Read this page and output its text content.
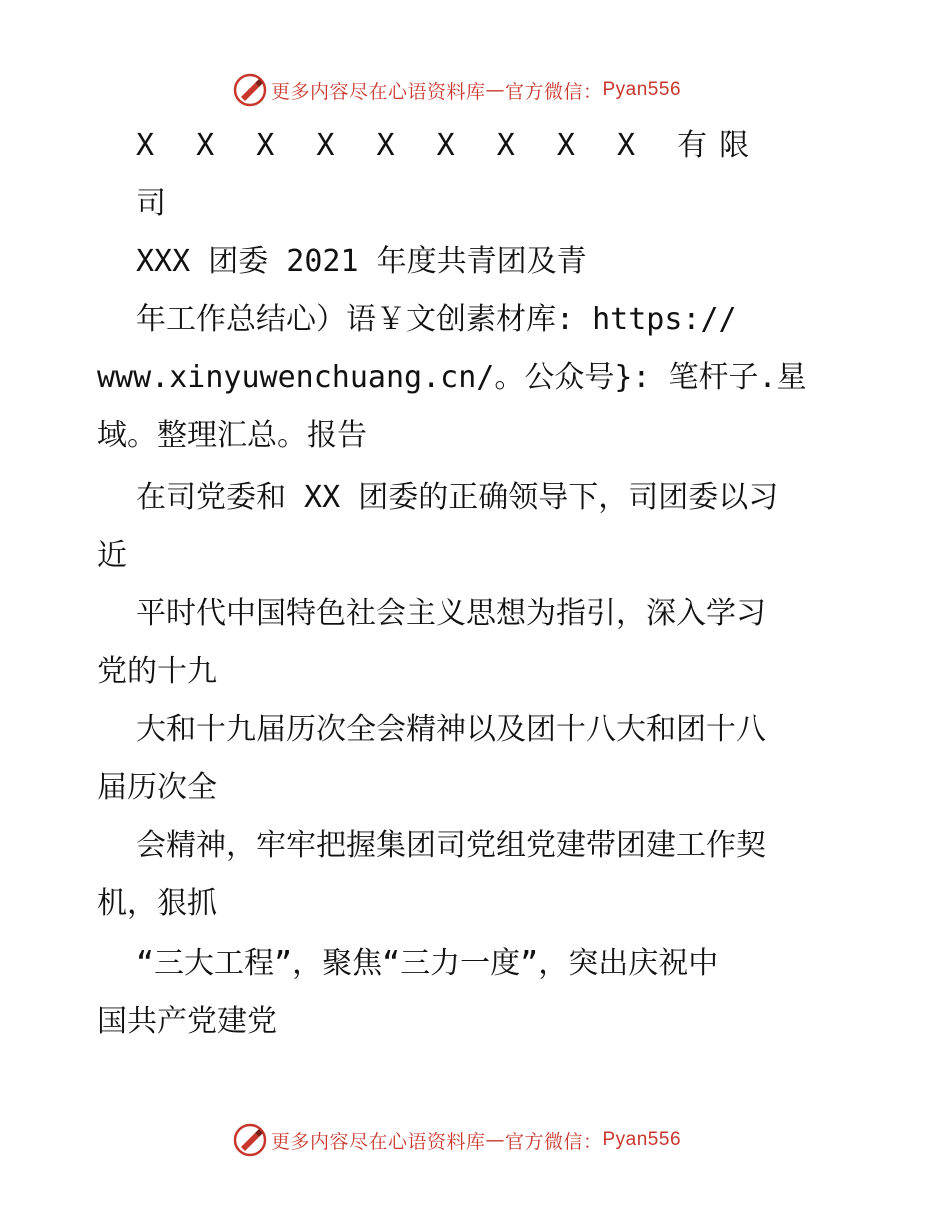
更多内容尽在心语资料库 — 官方微信： Pyan556
X X X X X X X X X 有限
司
XXX 团委 2021 年度共青团及青
年工作总结心）语￥文创素材库: https://
www.xinyuwenchuang.cn/。公众号}: 笔杆子.星
域。整理汇总。报告
在司党委和 XX 团委的正确领导下，司团委以习
近
平时代中国特色社会主义思想为指引，深入学习
党的十九
大和十九届历次全会精神以及团十八大和团十八
届历次全
会精神，牢牢把握集团司党组党建带团建工作契
机，狠抓
“三大工程”，聚焦“三力一度”，突出庆祝中
国共产党建党
更多内容尽在心语资料库 — 官方微信： Pyan556
